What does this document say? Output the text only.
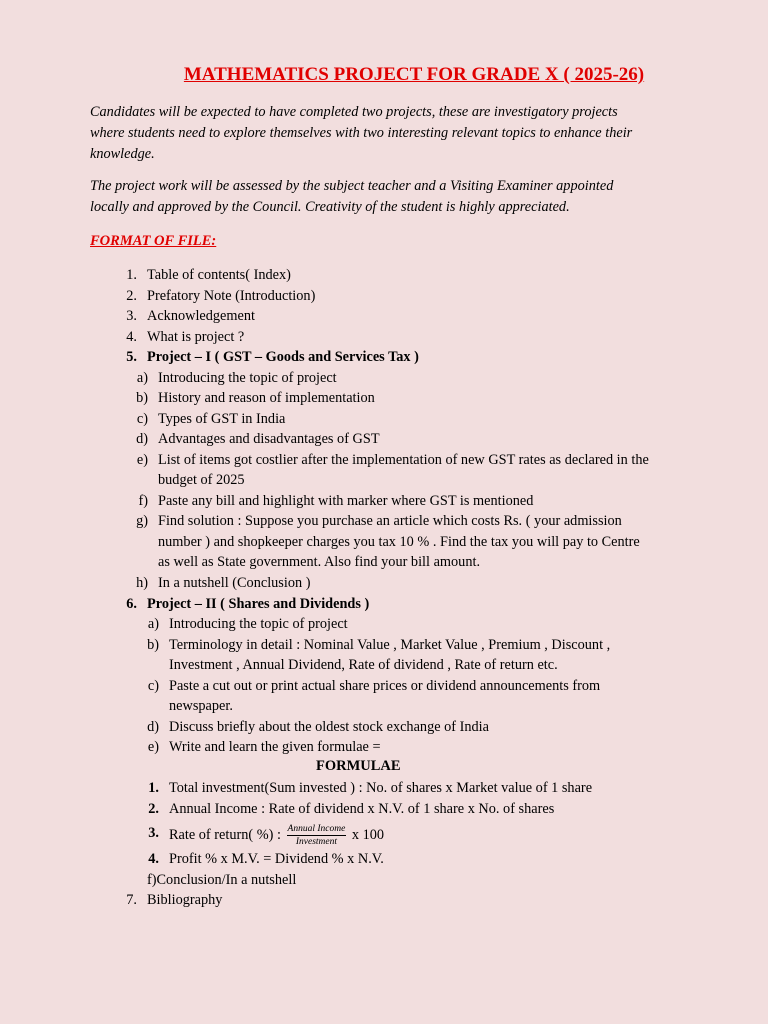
MATHEMATICS PROJECT FOR GRADE X ( 2025-26)
Candidates will be expected to have completed two projects, these are investigatory projects
where students need to explore themselves with two interesting relevant topics to enhance their
knowledge.
The project work will be assessed by the subject teacher and a Visiting Examiner appointed
locally and approved by the Council. Creativity of the student is highly appreciated.
FORMAT OF FILE:
1. Table of contents( Index)
2. Prefatory Note (Introduction)
3. Acknowledgement
4. What is project ?
5. Project – I ( GST – Goods and Services Tax )
a) Introducing the topic of project
b) History and reason of implementation
c) Types of GST in India
d) Advantages and disadvantages of GST
e) List of items got costlier after the implementation of new GST rates as declared in the
budget of 2025
f) Paste any bill and highlight with marker where GST is mentioned
g) Find solution : Suppose you purchase an article which costs Rs. ( your admission
number ) and shopkeeper charges you tax 10 % . Find the tax you will pay to Centre
as well as State government. Also find your bill amount.
h) In a nutshell (Conclusion )
6. Project – II ( Shares and Dividends )
a) Introducing the topic of project
b) Terminology in detail : Nominal Value , Market Value , Premium , Discount ,
Investment , Annual Dividend, Rate of dividend , Rate of return etc.
c) Paste a cut out or print actual share prices or dividend announcements from
newspaper.
d) Discuss briefly about the oldest stock exchange of India
e) Write and learn the given formulae =
FORMULAE
1. Total investment(Sum invested ) : No. of shares x Market value of 1 share
2. Annual Income : Rate of dividend x N.V. of 1 share x No. of shares
3. Rate of return( %) : $\frac{\text{Annual Income}}{\text{Investment}}$ x 100
4. Profit % x M.V. = Dividend % x N.V.
f)Conclusion/In a nutshell
7. Bibliography
